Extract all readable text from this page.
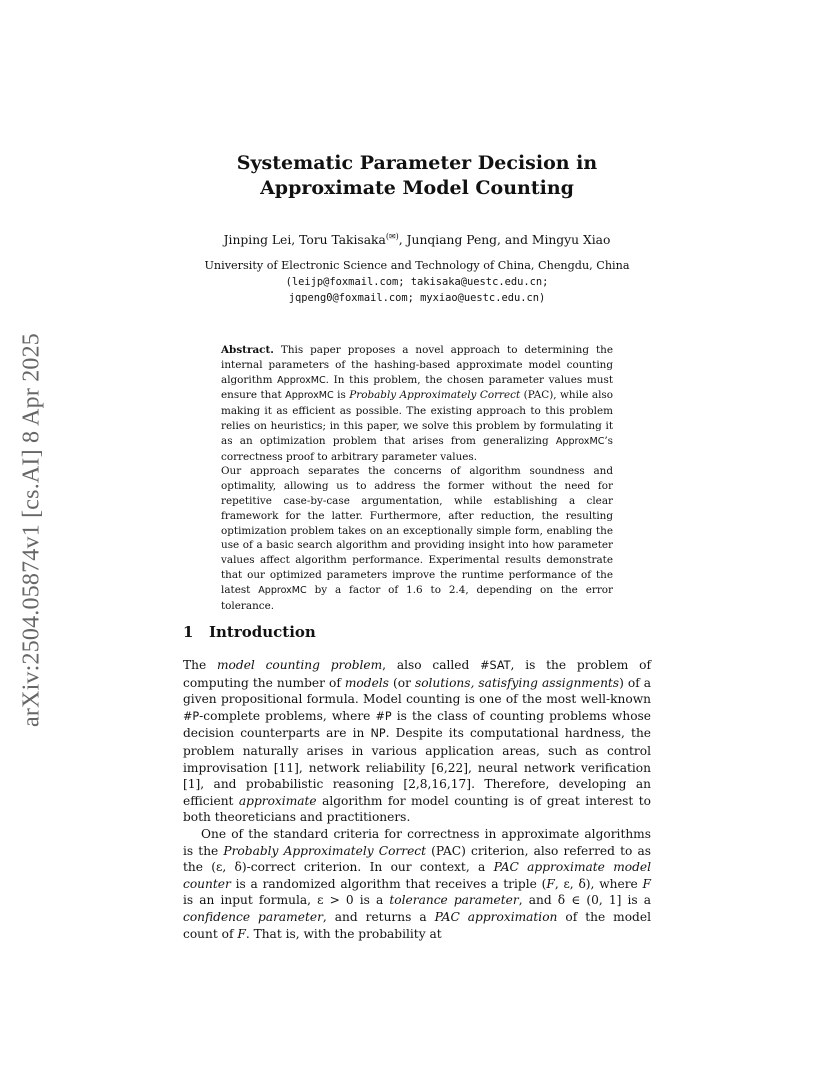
arXiv:2504.05874v1 [cs.AI] 8 Apr 2025
Systematic Parameter Decision in
Approximate Model Counting
Jinping Lei, Toru Takisaka(✉), Junqiang Peng, and Mingyu Xiao
University of Electronic Science and Technology of China, Chengdu, China
(leijp@foxmail.com; takisaka@uestc.edu.cn;
jqpeng0@foxmail.com; myxiao@uestc.edu.cn)

Abstract. This paper proposes a novel approach to determining the internal parameters of the hashing-based approximate model counting algorithm ApproxMC. In this problem, the chosen parameter values must ensure that ApproxMC is Probably Approximately Correct (PAC), while also making it as efficient as possible. The existing approach to this problem relies on heuristics; in this paper, we solve this problem by formulating it as an optimization problem that arises from generalizing ApproxMC’s correctness proof to arbitrary parameter values.

Our approach separates the concerns of algorithm soundness and optimality, allowing us to address the former without the need for repetitive case-by-case argumentation, while establishing a clear framework for the latter. Furthermore, after reduction, the resulting optimization problem takes on an exceptionally simple form, enabling the use of a basic search algorithm and providing insight into how parameter values affect algorithm performance. Experimental results demonstrate that our optimized parameters improve the runtime performance of the latest ApproxMC by a factor of 1.6 to 2.4, depending on the error tolerance.

1 Introduction

The model counting problem, also called #SAT, is the problem of computing the number of models (or solutions, satisfying assignments) of a given propositional formula. Model counting is one of the most well-known #P-complete problems, where #P is the class of counting problems whose decision counterparts are in NP. Despite its computational hardness, the problem naturally arises in various application areas, such as control improvisation [11], network reliability [6,22], neural network verification [1], and probabilistic reasoning [2,8,16,17]. Therefore, developing an efficient approximate algorithm for model counting is of great interest to both theoreticians and practitioners.

One of the standard criteria for correctness in approximate algorithms is the Probably Approximately Correct (PAC) criterion, also referred to as the (ε, δ)-correct criterion. In our context, a PAC approximate model counter is a randomized algorithm that receives a triple (F, ε, δ), where F is an input formula, ε > 0 is a tolerance parameter, and δ ∈ (0, 1] is a confidence parameter, and returns a PAC approximation of the model count of F. That is, with the probability at
